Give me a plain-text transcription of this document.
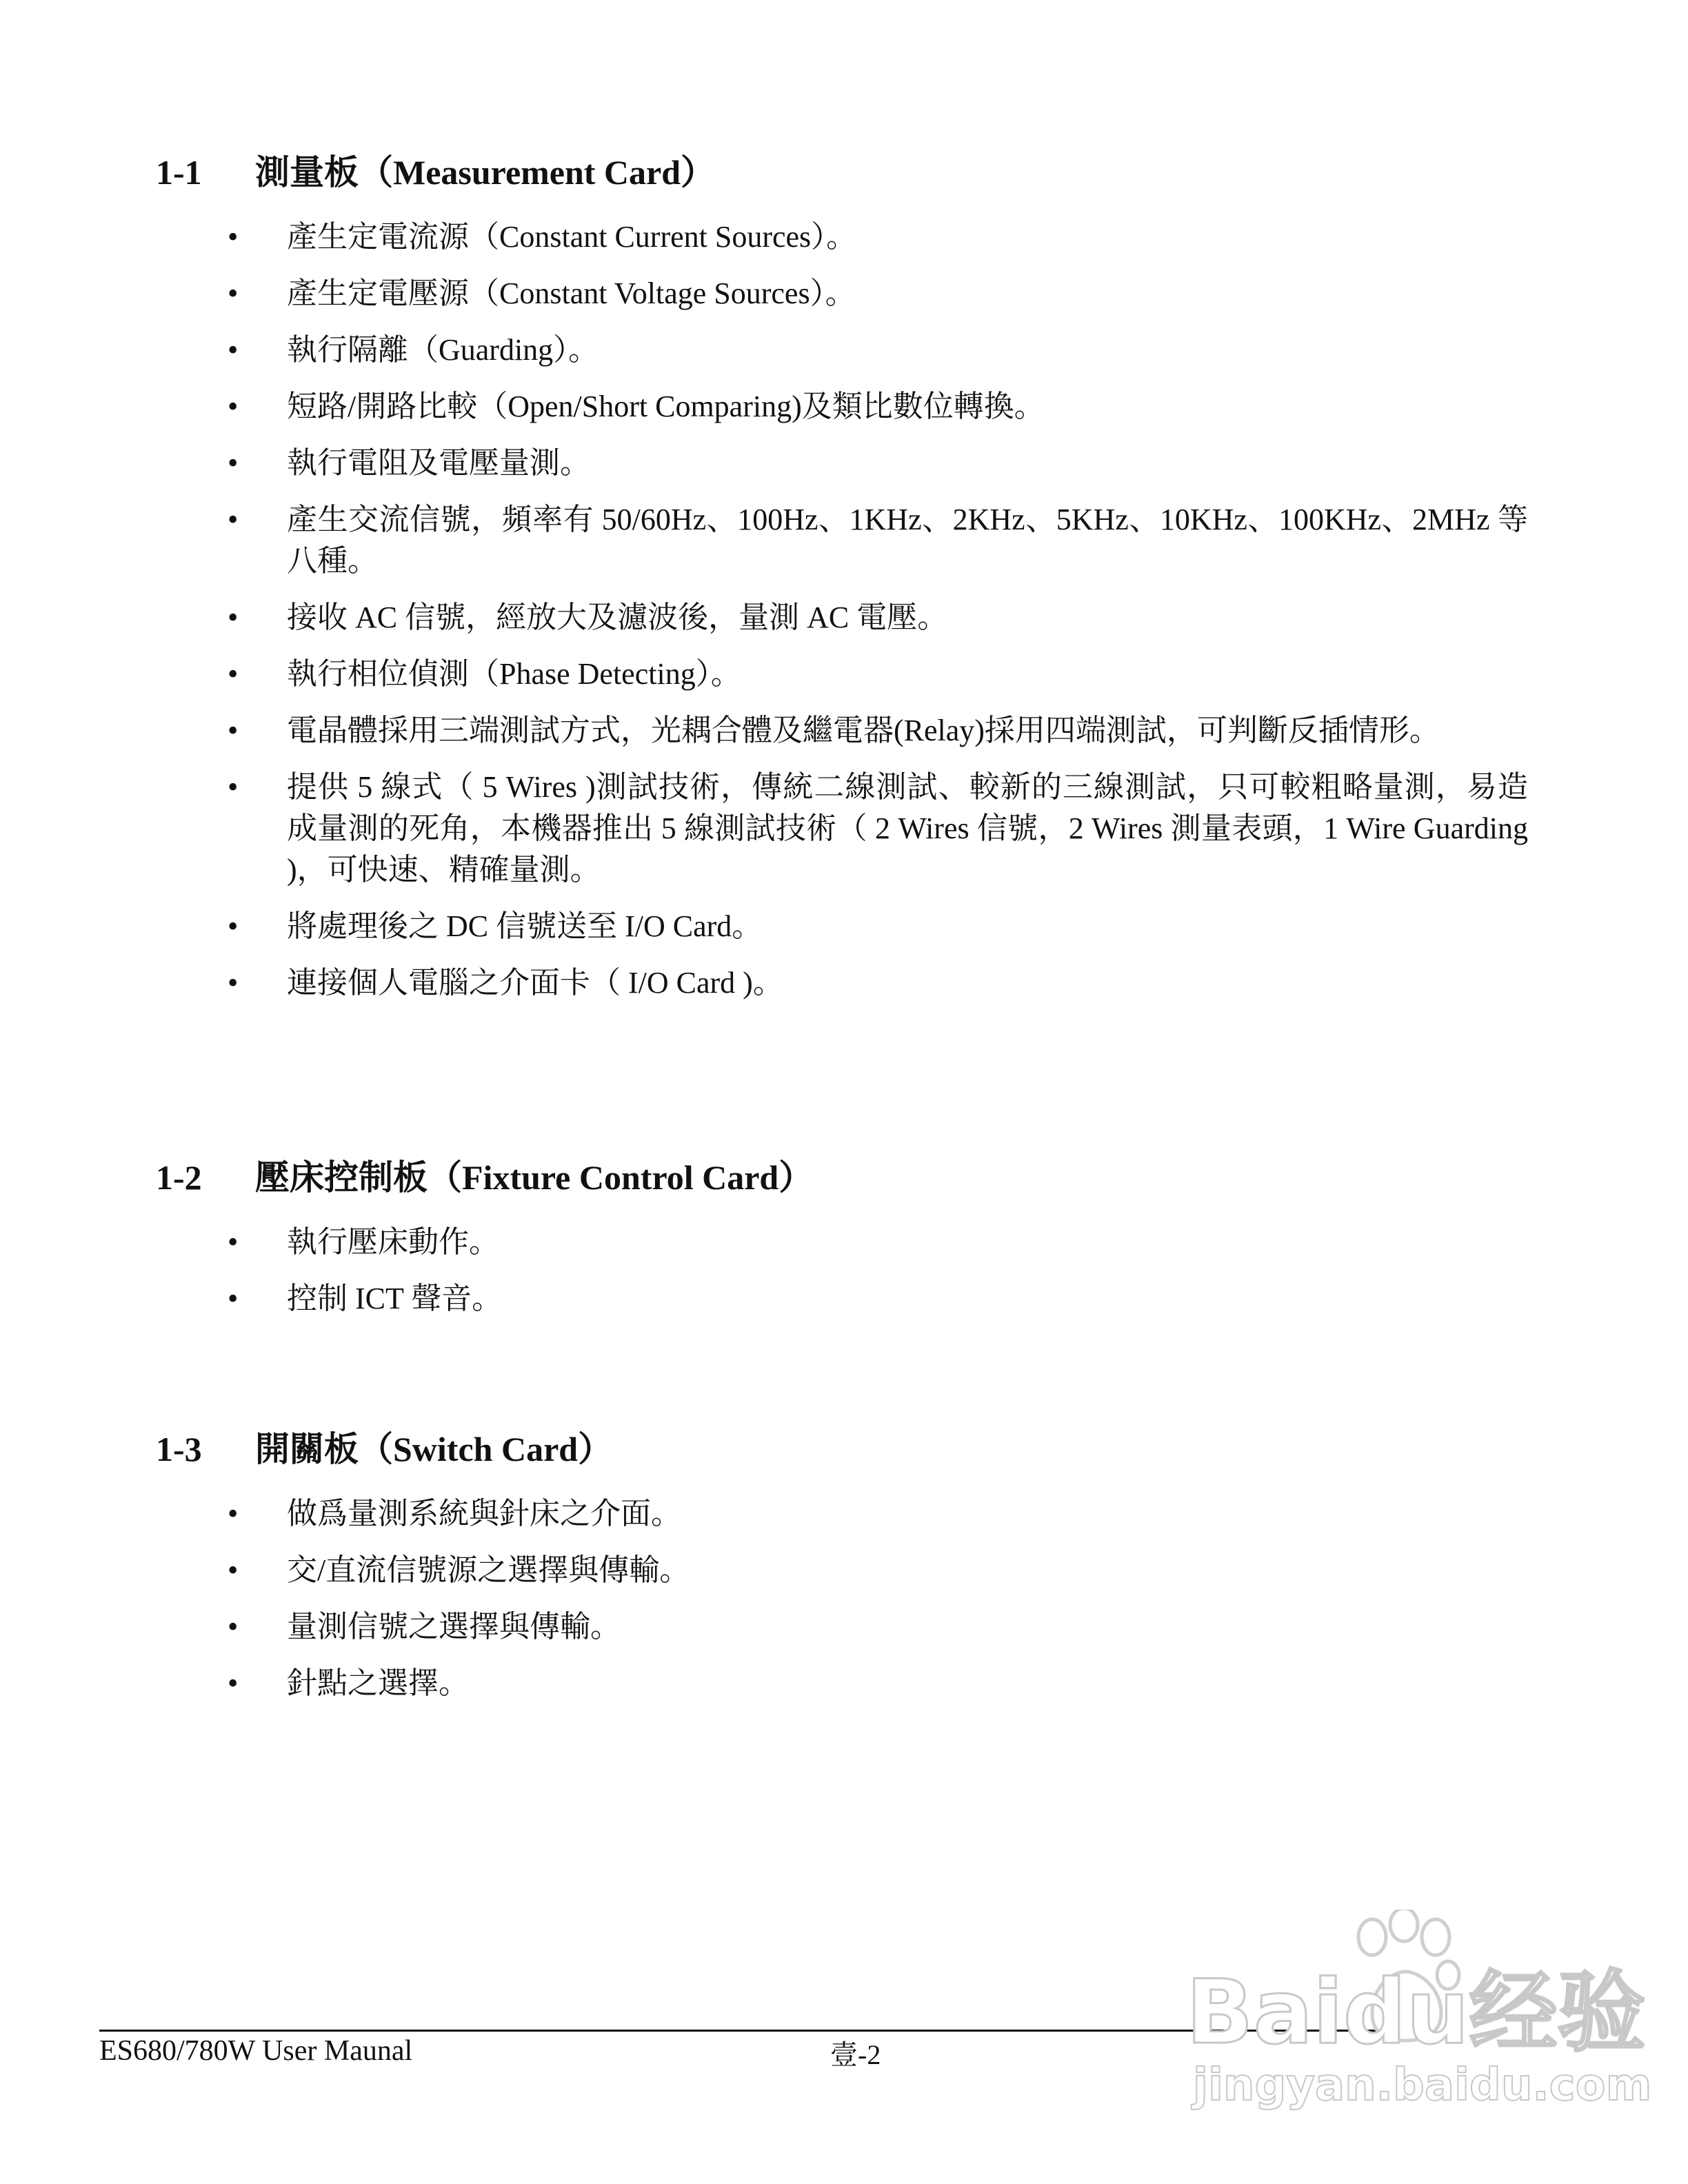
1-1 測量板（Measurement Card）
• 產生定電流源（Constant Current Sources）。
• 產生定電壓源（Constant Voltage Sources）。
• 執行隔離（Guarding）。
• 短路/開路比較（Open/Short Comparing)及類比數位轉換。
• 執行電阻及電壓量測。
• 產生交流信號，頻率有 50/60Hz、100Hz、1KHz、2KHz、5KHz、10KHz、100KHz、2MHz 等八種。
• 接收 AC 信號，經放大及濾波後，量測 AC 電壓。
• 執行相位偵測（Phase Detecting）。
• 電晶體採用三端測試方式，光耦合體及繼電器(Relay)採用四端測試，可判斷反插情形。
• 提供 5 線式（ 5 Wires )測試技術，傳統二線測試、較新的三線測試，只可較粗略量測，易造成量測的死角，本機器推出 5 線測試技術（ 2 Wires 信號，2 Wires 測量表頭，1 Wire Guarding )，可快速、精確量測。
• 將處理後之 DC 信號送至 I/O Card。
• 連接個人電腦之介面卡（ I/O Card )。
1-2 壓床控制板（Fixture Control Card）
• 執行壓床動作。
• 控制 ICT 聲音。
1-3 開關板（Switch Card）
• 做爲量測系統與針床之介面。
• 交/直流信號源之選擇與傳輸。
• 量測信號之選擇與傳輸。
• 針點之選擇。
ES680/780W User Maunal	壹-2	Baidu经验
jingyan.baidu.com
